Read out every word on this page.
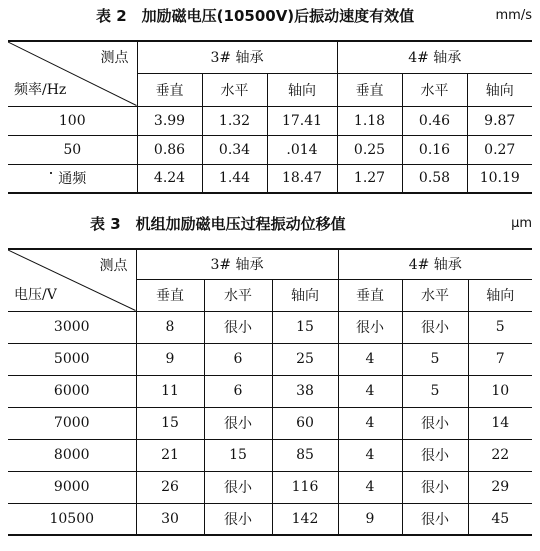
表 2　加励磁电压(10500V)后振动速度有效值	mm/s
测点
频率/Hz	3# 轴承			4# 轴承		
	垂直	水平	轴向	垂直	水平	轴向
100	3.99	1.32	17.41	1.18	0.46	9.87
50	0.86	0.34	.014	0.25	0.16	0.27
通频	4.24	1.44	18.47	1.27	0.58	10.19
表 3　机组加励磁电压过程振动位移值	μm
测点
电压/V	3# 轴承			4# 轴承		
	垂直	水平	轴向	垂直	水平	轴向
3000	8	很小	15	很小	很小	5
5000	9	6	25	4	5	7
6000	11	6	38	4	5	10
7000	15	很小	60	4	很小	14
8000	21	15	85	4	很小	22
9000	26	很小	116	4	很小	29
10500	30	很小	142	9	很小	45
